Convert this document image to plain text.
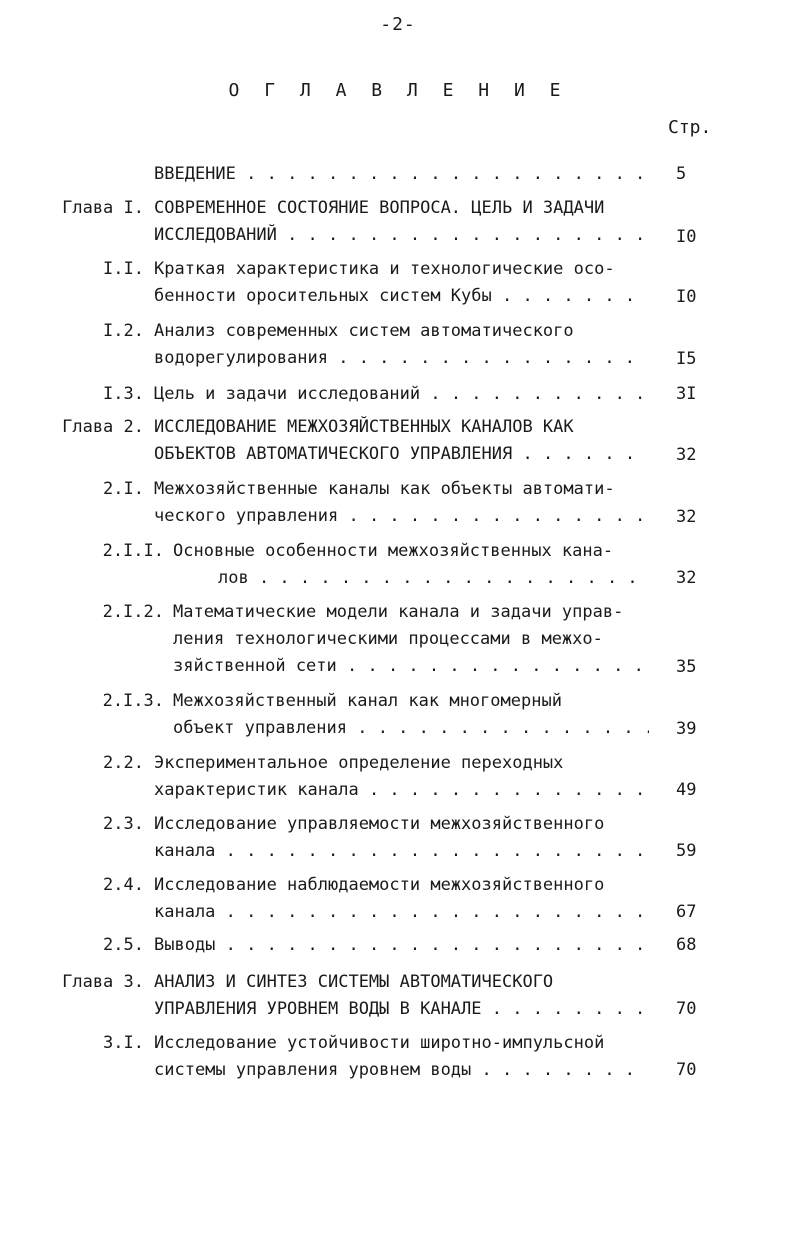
-2-
О Г Л А В Л Е Н И Е
Стр.
ВВЕДЕНИЕ . . .	5
Глава I. СОВРЕМЕННОЕ СОСТОЯНИЕ ВОПРОСА. ЦЕЛЬ И ЗАДАЧИ
ИССЛЕДОВАНИЙ . . .	I0
I.I. Краткая характеристика и технологические осо-
бенности оросительных систем Кубы . . .	I0
I.2. Анализ современных систем автоматического
водорегулирования . . .	I5
I.3. Цель и задачи исследований . . .	3I
Глава 2. ИССЛЕДОВАНИЕ МЕЖХОЗЯЙСТВЕННЫХ КАНАЛОВ КАК
ОБЪЕКТОВ АВТОМАТИЧЕСКОГО УПРАВЛЕНИЯ . . .	32
2.I. Межхозяйственные каналы как объекты автомати-
ческого управления . . .	32
2.I.I. Основные особенности межхозяйственных кана-
лов . . .	32
2.I.2. Математические модели канала и задачи управ-
ления технологическими процессами в межхо-
зяйственной сети . . .	35
2.I.3. Межхозяйственный канал как многомерный
объект управления . . .	39
2.2. Экспериментальное определение переходных
характеристик канала . . .	49
2.3. Исследование управляемости межхозяйственного
канала . . .	59
2.4. Исследование наблюдаемости межхозяйственного
канала . . .	67
2.5. Выводы . . .	68
Глава 3. АНАЛИЗ И СИНТЕЗ СИСТЕМЫ АВТОМАТИЧЕСКОГО
УПРАВЛЕНИЯ УРОВНЕМ ВОДЫ В КАНАЛЕ . . .	70
3.I. Исследование устойчивости широтно-импульсной
системы управления уровнем воды . . .	70
